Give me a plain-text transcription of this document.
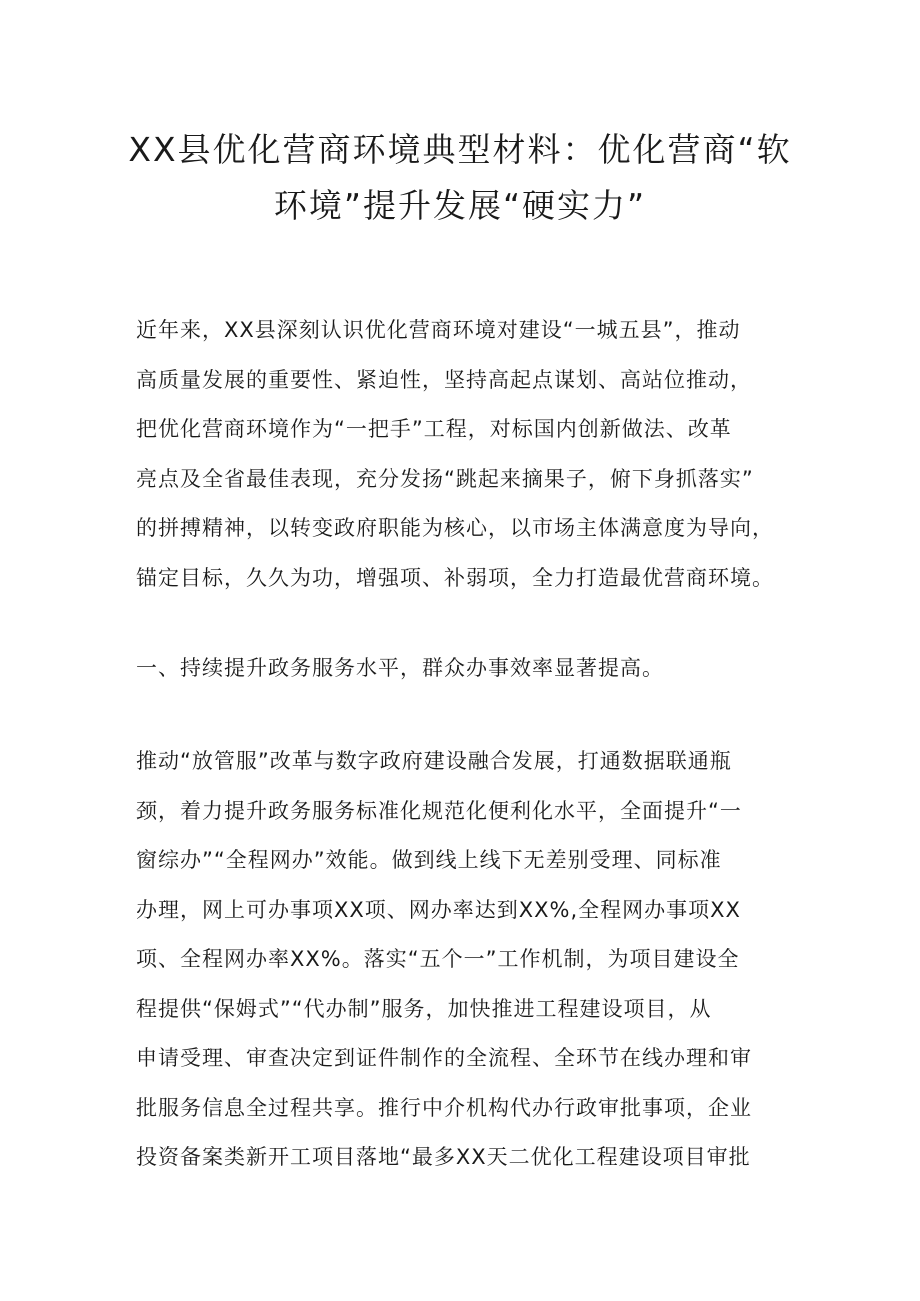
XX县优化营商环境典型材料：优化营商“软
环境”提升发展“硬实力”
近年来，XX县深刻认识优化营商环境对建设“一城五县”，推动
高质量发展的重要性、紧迫性，坚持高起点谋划、高站位推动，
把优化营商环境作为“一把手”工程，对标国内创新做法、改革
亮点及全省最佳表现，充分发扬“跳起来摘果子，俯下身抓落实”
的拼搏精神，以转变政府职能为核心，以市场主体满意度为导向，
锚定目标，久久为功，增强项、补弱项，全力打造最优营商环境。
一、持续提升政务服务水平，群众办事效率显著提高。
推动“放管服”改革与数字政府建设融合发展，打通数据联通瓶
颈，着力提升政务服务标准化规范化便利化水平，全面提升“一
窗综办”“全程网办”效能。做到线上线下无差别受理、同标准
办理，网上可办事项XX项、网办率达到XX%,全程网办事项XX
项、全程网办率XX%。落实“五个一”工作机制，为项目建设全
程提供“保姆式”“代办制”服务，加快推进工程建设项目，从
申请受理、审查决定到证件制作的全流程、全环节在线办理和审
批服务信息全过程共享。推行中介机构代办行政审批事项，企业
投资备案类新开工项目落地“最多XX天二优化工程建设项目审批
